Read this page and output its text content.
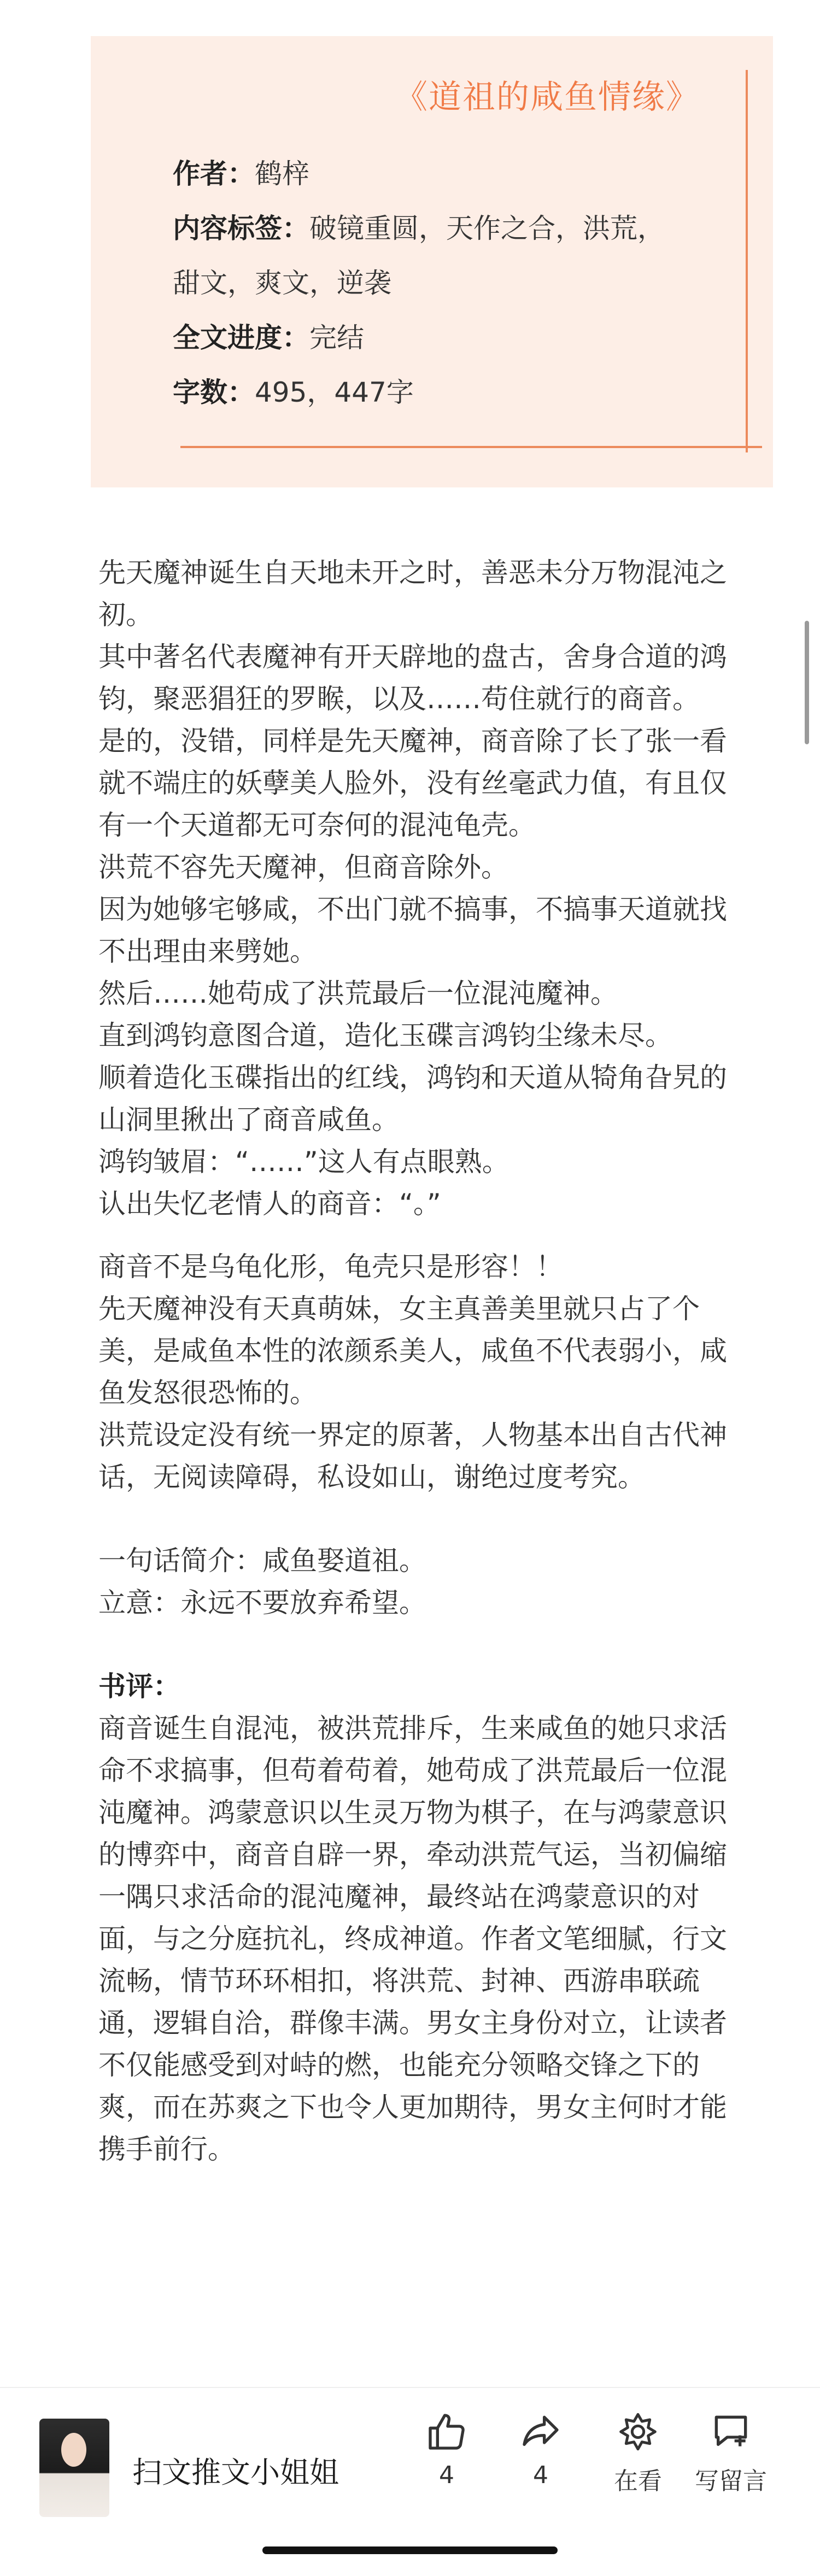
《道祖的咸鱼情缘》
作者：鹤梓
内容标签：破镜重圆，天作之合，洪荒，
甜文，爽文，逆袭
全文进度：完结
字数：495，447字

先天魔神诞生自天地未开之时，善恶未分万物混沌之初。

其中著名代表魔神有开天辟地的盘古，舍身合道的鸿钧，聚恶猖狂的罗睺，以及……苟住就行的商音。

是的，没错，同样是先天魔神，商音除了长了张一看就不端庄的妖孽美人脸外，没有丝毫武力值，有且仅有一个天道都无可奈何的混沌龟壳。

洪荒不容先天魔神，但商音除外。

因为她够宅够咸，不出门就不搞事，不搞事天道就找不出理由来劈她。

然后……她苟成了洪荒最后一位混沌魔神。

直到鸿钧意图合道，造化玉碟言鸿钧尘缘未尽。

顺着造化玉碟指出的红线，鸿钧和天道从犄角旮旯的山洞里揪出了商音咸鱼。

鸿钧皱眉：“……”这人有点眼熟。

认出失忆老情人的商音：“。”

商音不是乌龟化形，龟壳只是形容！！

先天魔神没有天真萌妹，女主真善美里就只占了个美，是咸鱼本性的浓颜系美人，咸鱼不代表弱小，咸鱼发怒很恐怖的。

洪荒设定没有统一界定的原著，人物基本出自古代神话，无阅读障碍，私设如山，谢绝过度考究。

一句话简介：咸鱼娶道祖。

立意：永远不要放弃希望。

书评：

商音诞生自混沌，被洪荒排斥，生来咸鱼的她只求活命不求搞事，但苟着苟着，她苟成了洪荒最后一位混沌魔神。鸿蒙意识以生灵万物为棋子，在与鸿蒙意识的博弈中，商音自辟一界，牵动洪荒气运，当初偏缩一隅只求活命的混沌魔神，最终站在鸿蒙意识的对面，与之分庭抗礼，终成神道。作者文笔细腻，行文流畅，情节环环相扣，将洪荒、封神、西游串联疏通，逻辑自洽，群像丰满。男女主身份对立，让读者不仅能感受到对峙的燃，也能充分领略交锋之下的爽，而在苏爽之下也令人更加期待，男女主何时才能携手前行。

扫文推文小姐姐	4	4	在看	写留言
